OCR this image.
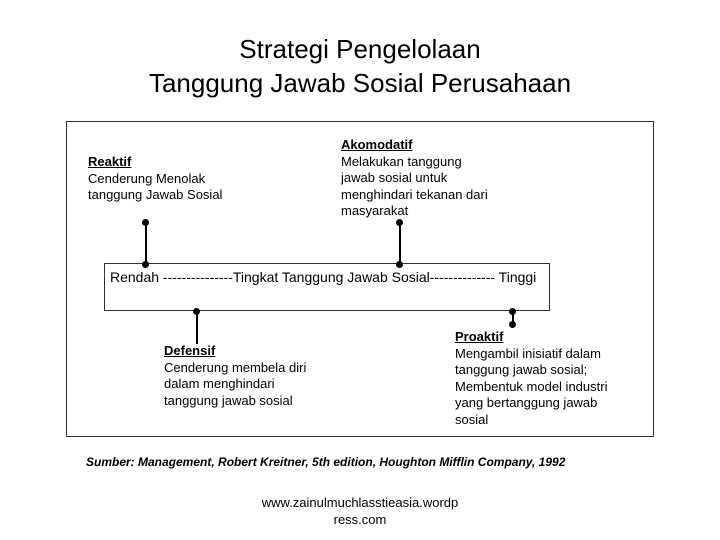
Strategi Pengelolaan
Tanggung Jawab Sosial Perusahaan
Rendah ---------------Tingkat Tanggung Jawab Sosial-------------- Tinggi
Reaktif
Cenderung Menolak
tanggung Jawab Sosial
Akomodatif
Melakukan tanggung
jawab sosial untuk
menghindari tekanan dari
masyarakat
Defensif
Cenderung membela diri
dalam menghindari
tanggung jawab sosial
Proaktif
Mengambil inisiatif dalam
tanggung jawab sosial;
Membentuk model industri
yang bertanggung jawab
sosial
Sumber: Management, Robert Kreitner, 5th edition, Houghton Mifflin Company, 1992
www.zainulmuchlasstieasia.wordp
ress.com
